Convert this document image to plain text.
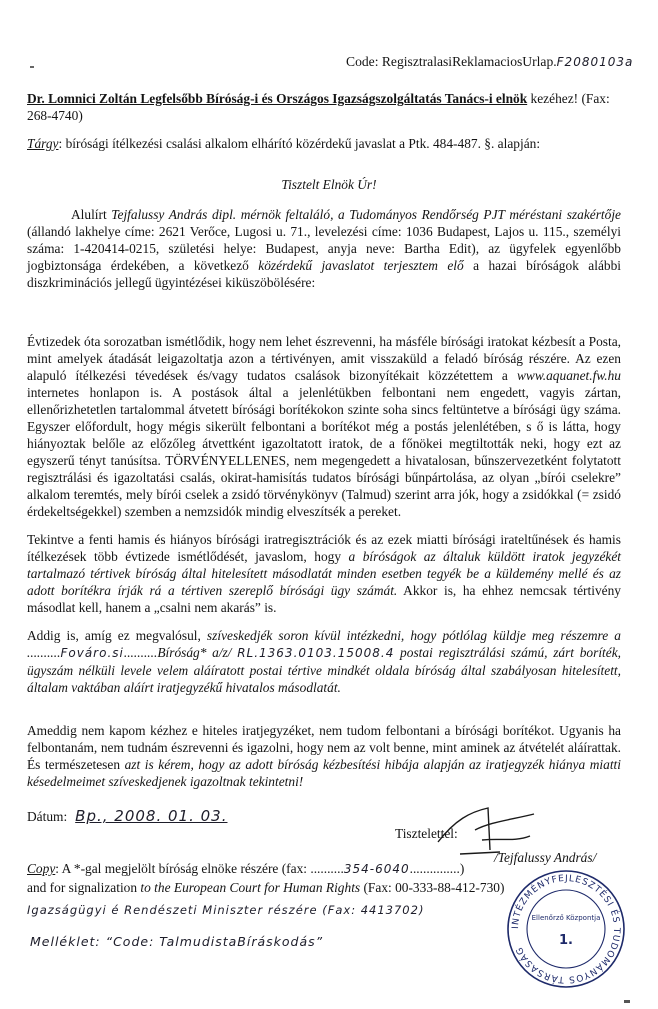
Code: RegisztralasiReklamaciosUrlap.F2080103a
Dr. Lomnici Zoltán Legfelsőbb Bíróság-i és Országos Igazságszolgáltatás Tanács-i elnök kezéhez! (Fax: 268-4740)
Tárgy: bírósági ítélkezési csalási alkalom elhárító közérdekű javaslat a Ptk. 484-487. §. alapján:
Tisztelt Elnök Úr!
Alulírt Tejfalussy András dipl. mérnök feltaláló, a Tudományos Rendőrség PJT méréstani szakértője (állandó lakhelye címe: 2621 Verőce, Lugosi u. 71., levelezési címe: 1036 Budapest, Lajos u. 115., személyi száma: 1-420414-0215, születési helye: Budapest, anyja neve: Bartha Edit), az ügyfelek egyenlőbb jogbiztonsága érdekében, a következő közérdekű javaslatot terjesztem elő a hazai bíróságok alábbi diszkriminációs jellegű ügyintézései kiküszöbölésére:
Évtizedek óta sorozatban ismétlődik, hogy nem lehet észrevenni, ha másféle bírósági iratokat kézbesít a Posta, mint amelyek átadását leigazoltatja azon a tértivényen, amit visszaküld a feladó bíróság részére. Az ezen alapuló ítélkezési tévedések és/vagy tudatos csalások bizonyítékait közzétettem a www.aquanet.fw.hu internetes honlapon is. A postások által a jelenlétükben felbontani nem engedett, vagyis zártan, ellenőrizhetetlen tartalommal átvetett bírósági borítékokon szinte soha sincs feltüntetve a bírósági ügy száma. Egyszer előfordult, hogy mégis sikerült felbontani a borítékot még a postás jelenlétében, s ő is látta, hogy hiányoztak belőle az előzőleg átvettként igazoltatott iratok, de a főnökei megtiltották neki, hogy ezt az egyszerű tényt tanúsítsa. TÖRVÉNYELLENES, nem megengedett a hivatalosan, bűnszervezetként folytatott regisztrálási és igazoltatási csalás, okirat-hamisítás tudatos bírósági bűnpártolása, az olyan „bírói cselekre” alkalom teremtés, mely bírói cselek a zsidó törvénykönyv (Talmud) szerint arra jók, hogy a zsidókkal (= zsidó érdekeltségekkel) szemben a nemzsidók mindig elveszítsék a pereket.
Tekintve a fenti hamis és hiányos bírósági iratregisztrációk és az ezek miatti bírósági irateltűnések és hamis ítélkezések több évtizede ismétlődését, javaslom, hogy a bíróságok az általuk küldött iratok jegyzékét tartalmazó tértivek bíróság által hitelesített másodlatát minden esetben tegyék be a küldemény mellé és az adott borítékra írják rá a tértiven szereplő bírósági ügy számát. Akkor is, ha ehhez nemcsak tértivény másodlat kell, hanem a „csalni nem akarás” is.
Addig is, amíg ez megvalósul, szíveskedjék soron kívül intézkedni, hogy pótlólag küldje meg részemre a ..........Fováro.si..........Bíróság* a/z/ RL.1363.0103.15008.4 postai regisztrálási számú, zárt boríték, ügyszám nélküli levele velem aláíratott postai tértive mindkét oldala bíróság által szabályosan hitelesített, általam vaktában aláírt iratjegyzékű hivatalos másodlatát.
Ameddig nem kapom kézhez e hiteles iratjegyzéket, nem tudom felbontani a bírósági borítékot. Ugyanis ha felbontanám, nem tudnám észrevenni és igazolni, hogy nem az volt benne, mint aminek az átvételét aláírattak. És természetesen azt is kérem, hogy az adott bíróság kézbesítési hibája alapján az iratjegyzék hiánya miatti késedelmeimet szíveskedjenek igazoltnak tekintetni!
Dátum: Bp., 2008. 01. 03.
Tisztelettel:
/Tejfalussy András/
Copy: A *-gal megjelölt bíróság elnöke részére (fax: ..........354-6040...............)
and for signalization to the European Court for Human Rights (Fax: 00-333-88-412-730)
Igazságügyi é Rendészeti Miniszter részére (Fax: 4413702)
Melléklet: “Code: TalmudistaBíráskodás”
INTÉZMÉNYFEJLESZTÉSI ÉS TUDOMÁNYOS TÁRSASÁG
Ellenőrző Központja
1.
